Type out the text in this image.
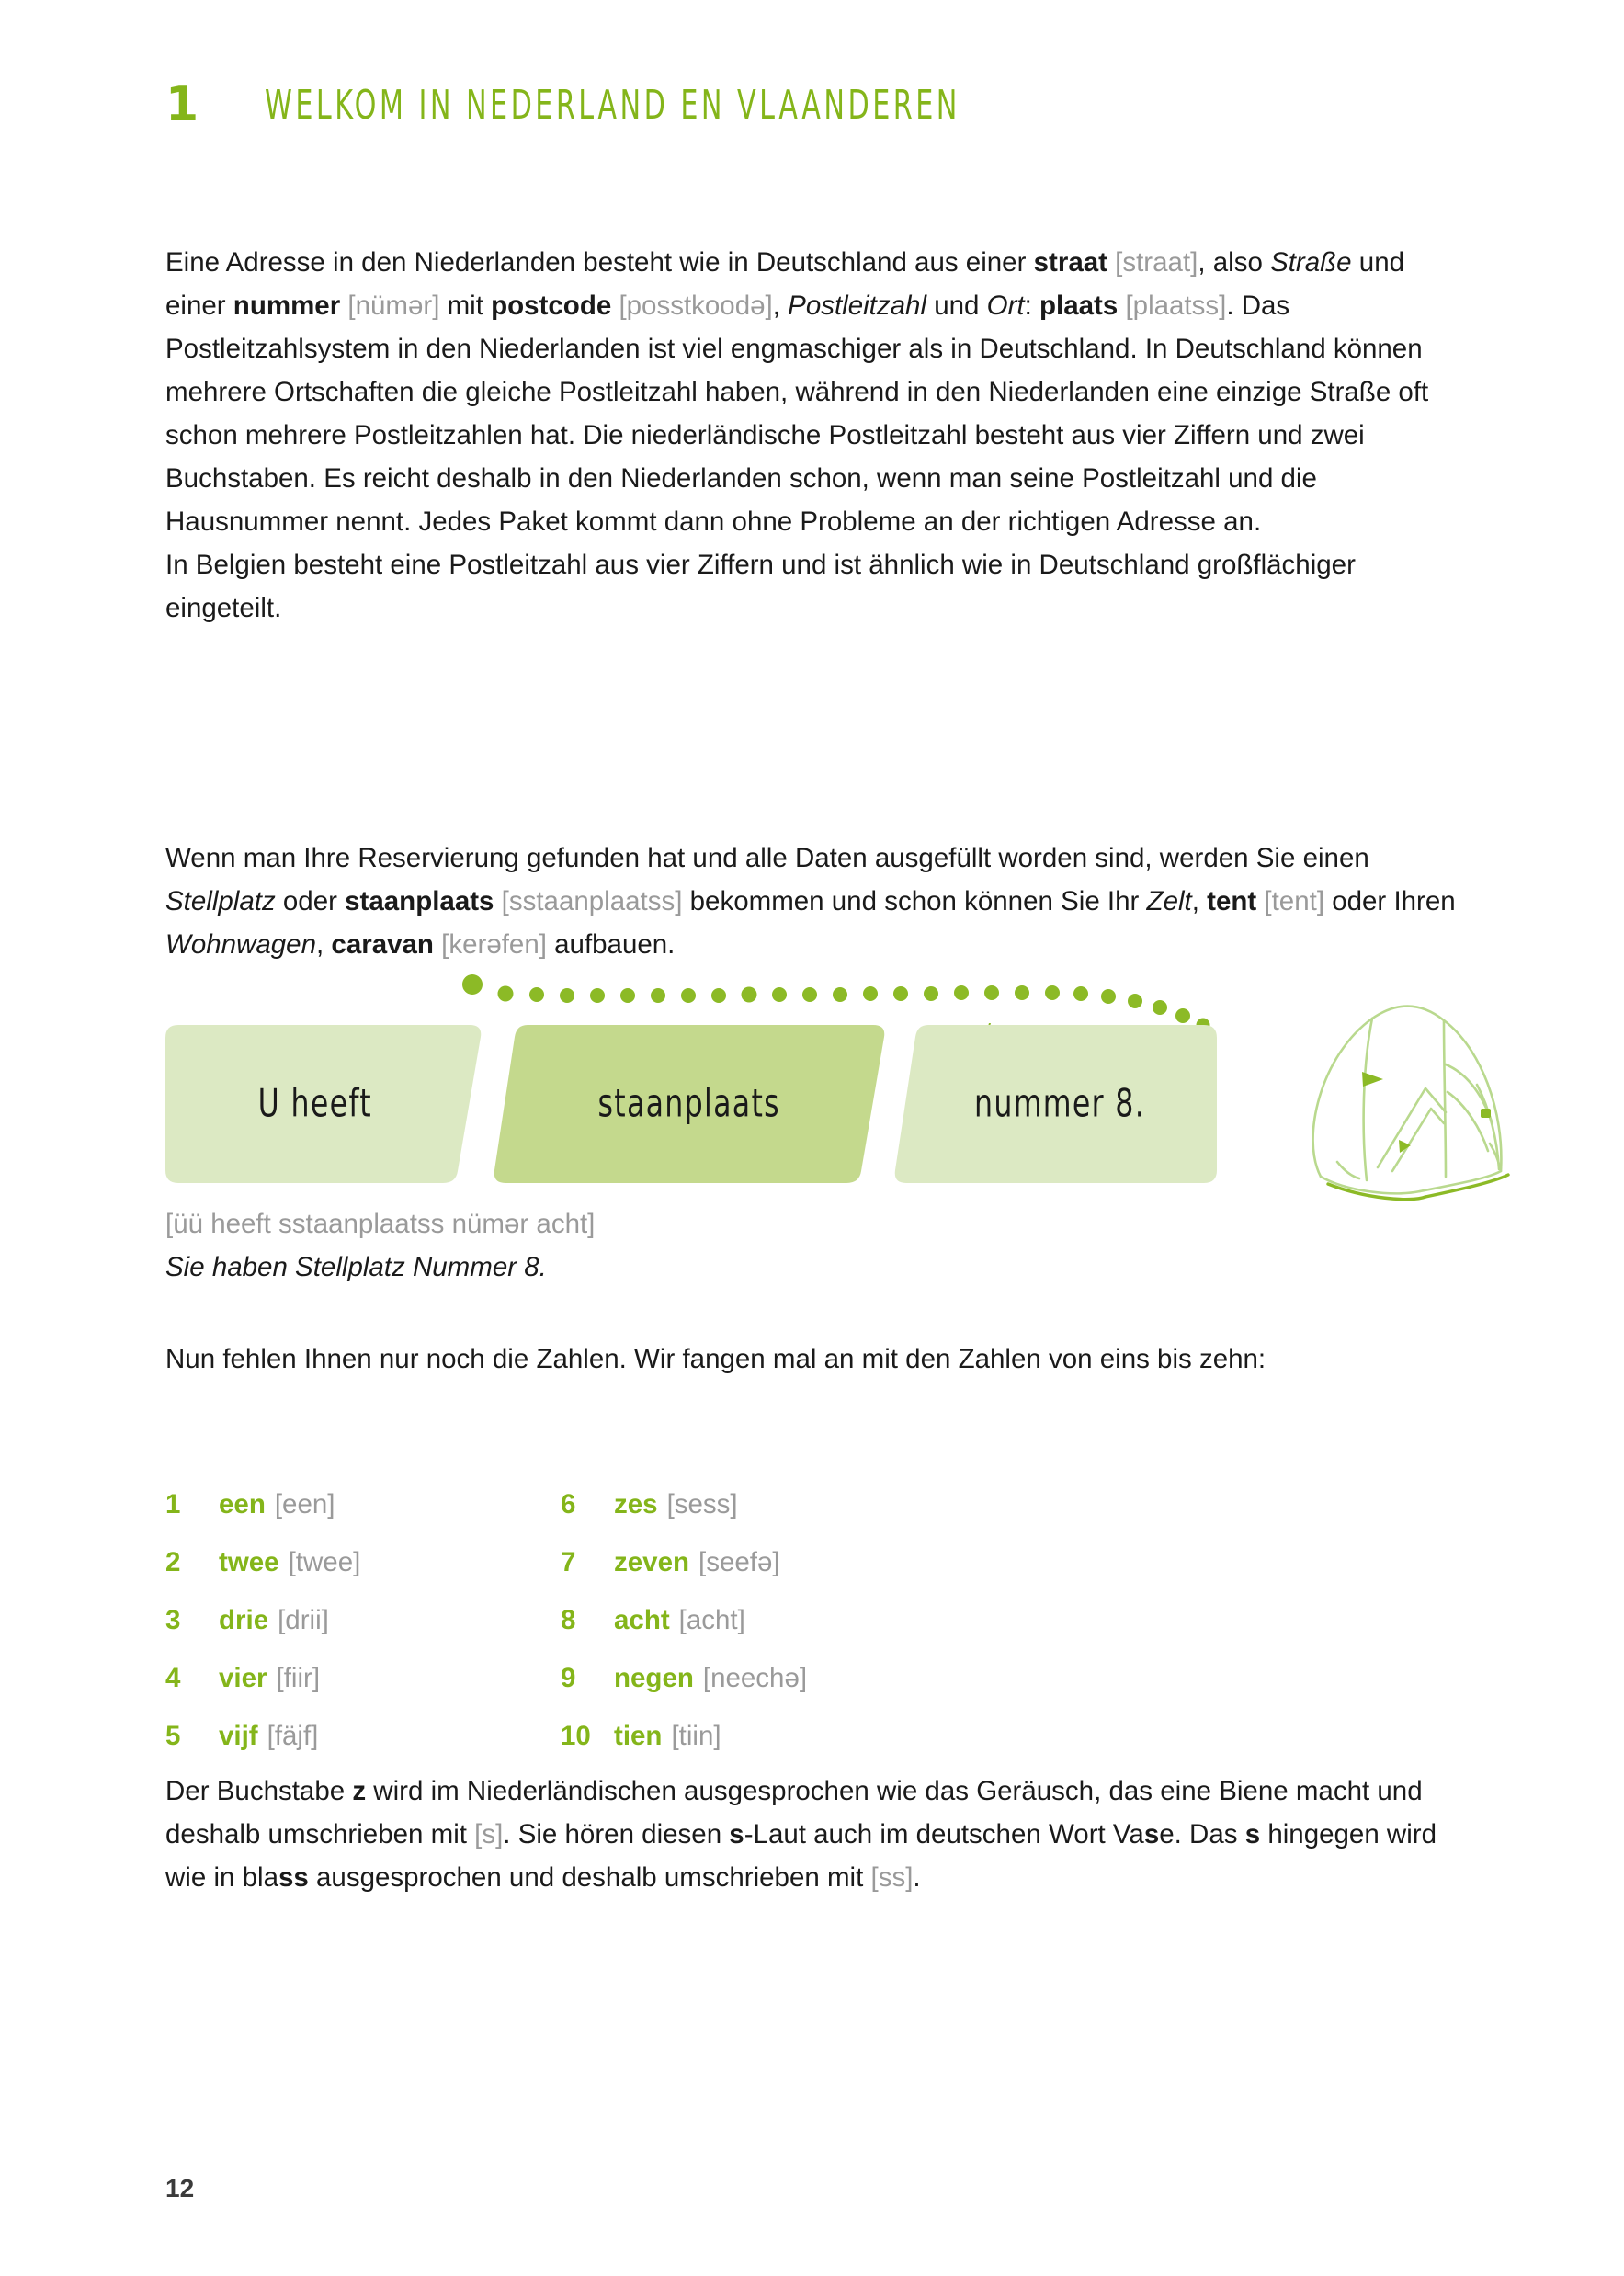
1	WELKOM IN NEDERLAND EN VLAANDEREN

Eine Adresse in den Niederlanden besteht wie in Deutschland aus einer straat [straat], also Straße und einer nummer [nümər] mit postcode [posstkoodə], Postleitzahl und Ort: plaats [plaatss]. Das Postleitzahlsystem in den Niederlanden ist viel engmaschiger als in Deutschland. In Deutschland können mehrere Ortschaften die gleiche Postleitzahl haben, während in den Niederlanden eine einzige Straße oft schon mehrere Postleitzahlen hat. Die niederländische Postleitzahl besteht aus vier Ziffern und zwei Buchstaben. Es reicht deshalb in den Niederlanden schon, wenn man seine Postleitzahl und die Hausnummer nennt. Jedes Paket kommt dann ohne Probleme an der richtigen Adresse an.

In Belgien besteht eine Postleitzahl aus vier Ziffern und ist ähnlich wie in Deutschland großflächiger eingeteilt.

Wenn man Ihre Reservierung gefunden hat und alle Daten ausgefüllt worden sind, werden Sie einen Stellplatz oder staanplaats [sstaanplaatss] bekommen und schon können Sie Ihr Zelt, tent [tent] oder Ihren Wohnwagen, caravan [kerəfen] aufbauen.

U heeft	staanplaats	nummer 8.
[üü heeft sstaanplaatss nümər acht]
Sie haben Stellplatz Nummer 8.

Nun fehlen Ihnen nur noch die Zahlen. Wir fangen mal an mit den Zahlen von eins bis zehn:

1	een [een]	6	zes [sess]
2	twee [twee]	7	zeven [seefə]
3	drie [drii]	8	acht [acht]
4	vier [fiir]	9	negen [neechə]
5	vijf [fäjf]	10 tien [tiin]

Der Buchstabe z wird im Niederländischen ausgesprochen wie das Geräusch, das eine Biene macht und deshalb umschrieben mit [s]. Sie hören diesen s-Laut auch im deutschen Wort Vase. Das s hingegen wird wie in blass ausgesprochen und deshalb umschrieben mit [ss].

12
